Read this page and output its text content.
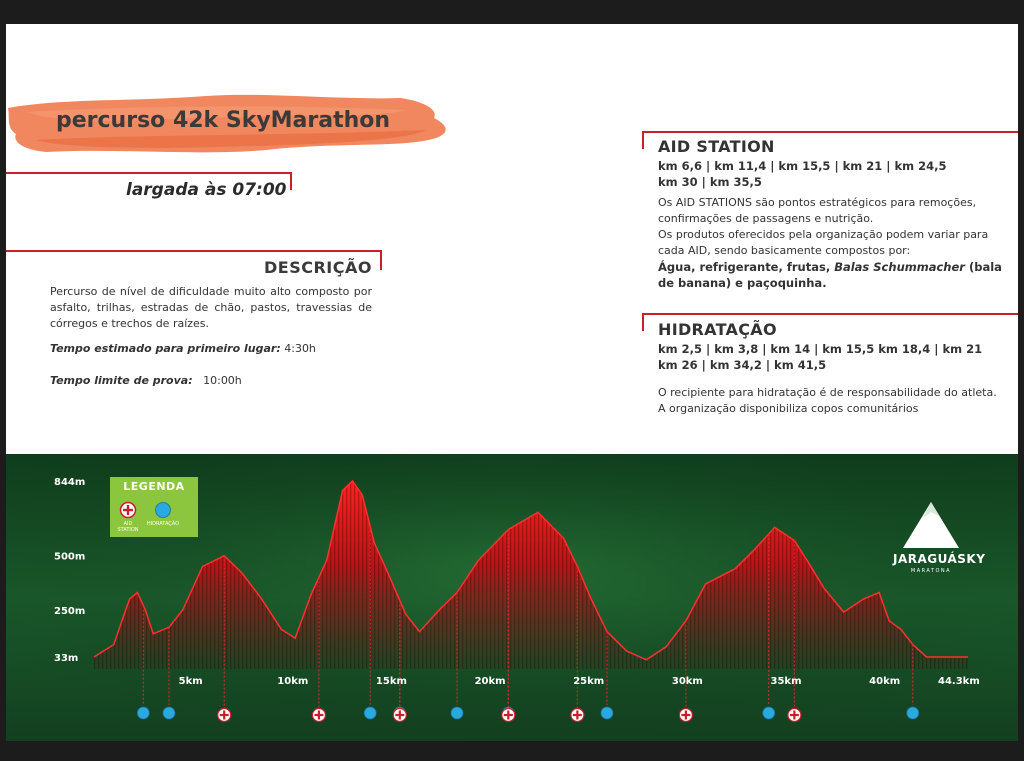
percurso 42k SkyMarathon
largada às 07:00
DESCRIÇÃO
Percurso de nível de dificuldade muito alto composto por asfalto, trilhas, estradas de chão, pastos, travessias de córregos e trechos de raízes.
Tempo estimado para primeiro lugar: 4:30h
Tempo limite de prova: 10:00h
AID STATION
km 6,6 | km 11,4 | km 15,5 | km 21 | km 24,5
km 30 | km 35,5
Os AID STATIONS são pontos estratégicos para remoções, confirmações de passagens e nutrição.
Os produtos oferecidos pela organização podem variar para cada AID, sendo basicamente compostos por:
Água, refrigerante, frutas, Balas Schummacher (bala de banana) e paçoquinha.
HIDRATAÇÃO
km 2,5 | km 3,8 | km 14 | km 15,5 km 18,4 | km 21
km 26 | km 34,2 | km 41,5
O recipiente para hidratação é de responsabilidade do atleta.
A organização disponibiliza copos comunitários
844m
500m
250m
33m
5km	10km	15km	20km	25km	30km	35km	40km	44.3km
LEGENDA
AID STATION
HIDRATAÇÃO
JARAGUÁSKY
MARATONA
